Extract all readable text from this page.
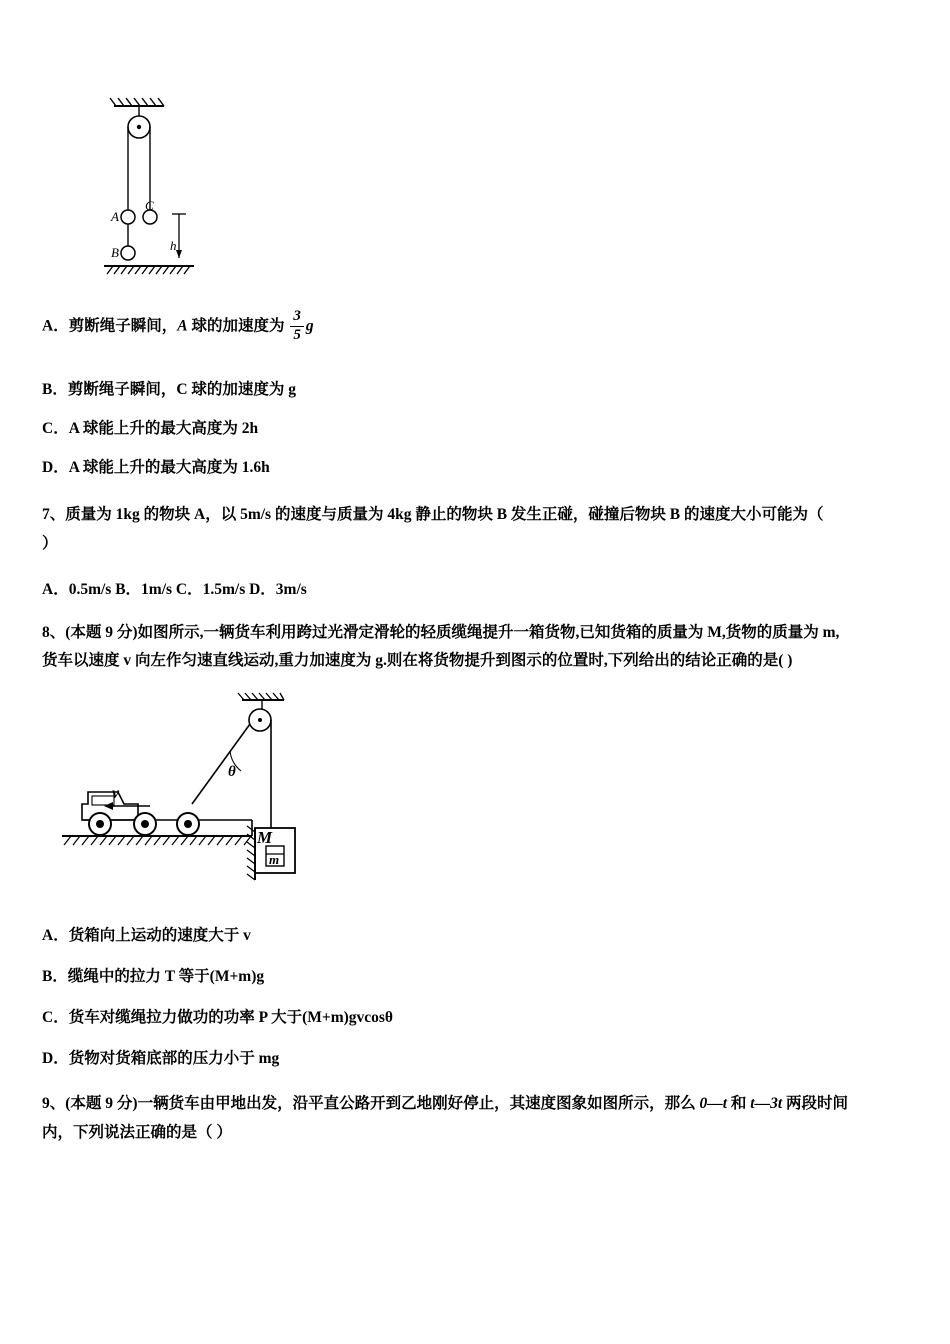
A
B
C
h
A．剪断绳子瞬间，A 球的加速度为 $\frac{3}{5}$ g
B．剪断绳子瞬间，C 球的加速度为 g
C．A 球能上升的最大高度为 2h
D．A 球能上升的最大高度为 1.6h
7、质量为 1kg 的物块 A，以 5m/s 的速度与质量为 4kg 静止的物块 B 发生正碰，碰撞后物块 B 的速度大小可能为（
）
A．0.5m/s B．1m/s C．1.5m/s D．3m/s
8、(本题 9 分)如图所示,一辆货车利用跨过光滑定滑轮的轻质缆绳提升一箱货物,已知货箱的质量为 M,货物的质量为 m,
货车以速度 v 向左作匀速直线运动,重力加速度为 g.则在将货物提升到图示的位置时,下列给出的结论正确的是( )
θ
v
M
m
A．货箱向上运动的速度大于 v
B．缆绳中的拉力 T 等于(M+m)g
C．货车对缆绳拉力做功的功率 P 大于(M+m)gvcosθ
D．货物对货箱底部的压力小于 mg
9、(本题 9 分)一辆货车由甲地出发，沿平直公路开到乙地刚好停止，其速度图象如图所示，那么 0—t 和 t—3t 两段时间
内，下列说法正确的是（ ）
